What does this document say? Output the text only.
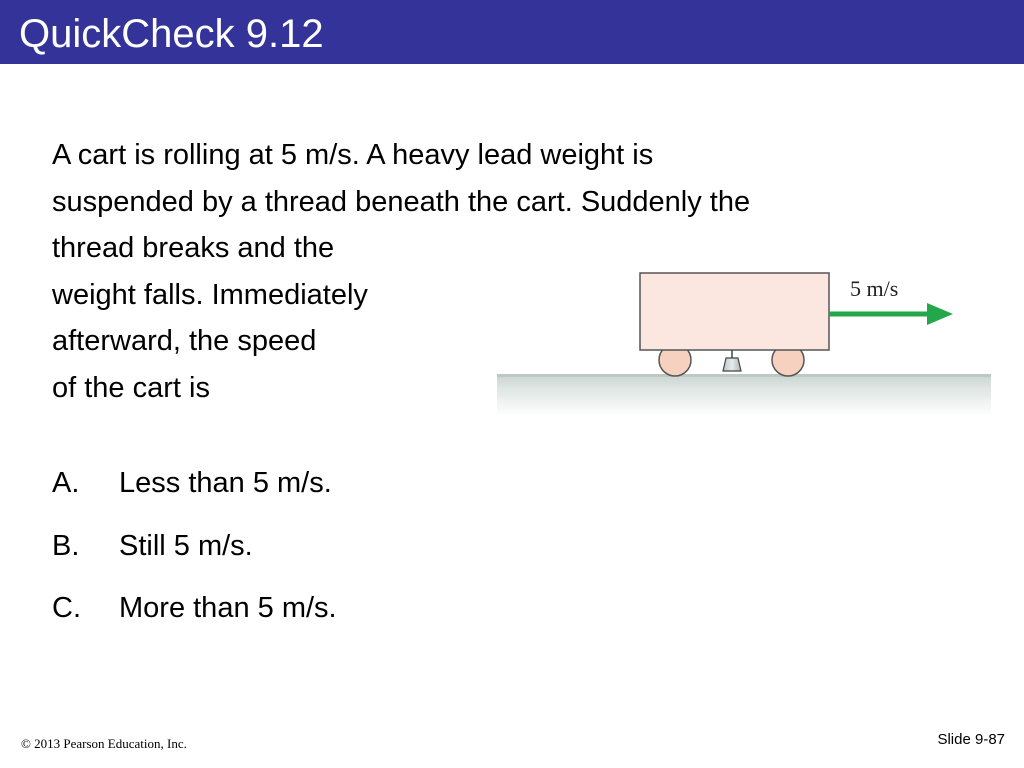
QuickCheck 9.12
A cart is rolling at 5 m/s. A heavy lead weight is
suspended by a thread beneath the cart. Suddenly the
thread breaks and the
weight falls. Immediately
afterward, the speed
of the cart is
5 m/s
A. Less than 5 m/s.
B. Still 5 m/s.
C. More than 5 m/s.
© 2013 Pearson Education, Inc.	Slide 9-87
